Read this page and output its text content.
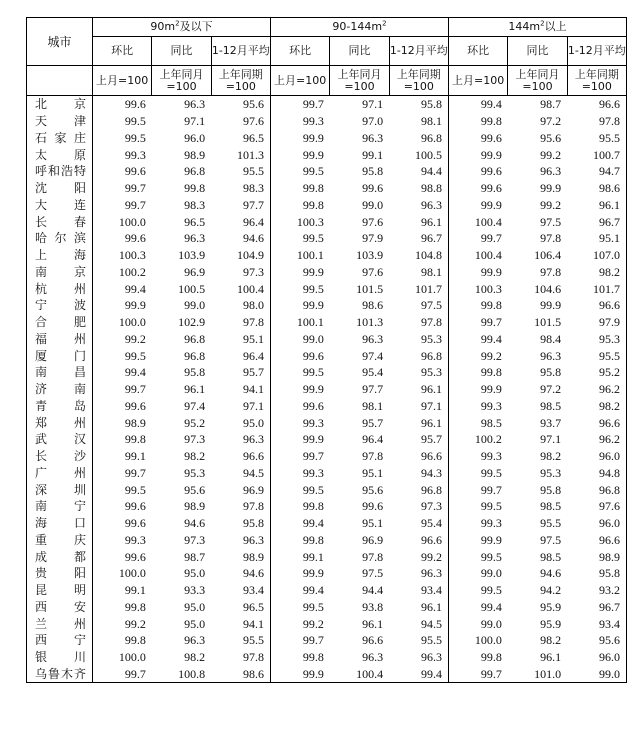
城市	$90m^2$及以下			$90-144m^2$			$144m^2$以上		
	环比	同比	1-12月平均	环比	同比	1-12月平均	环比	同比	1-12月平均
	上月=100	上年同月=100	上年同期=100	上月=100	上年同月=100	上年同期=100	上月=100	上年同月=100	上年同期=100
北京	99.6	96.3	95.6	99.7	97.1	95.8	99.4	98.7	96.6
天津	99.5	97.1	97.6	99.3	97.0	98.1	99.8	97.2	97.8
石家庄	99.5	96.0	96.5	99.9	96.3	96.8	99.6	95.6	95.5
太原	99.3	98.9	101.3	99.9	99.1	100.5	99.9	99.2	100.7
呼和浩特	99.6	96.8	95.5	99.5	95.8	94.4	99.6	96.3	94.7
沈阳	99.7	99.8	98.3	99.8	99.6	98.8	99.6	99.9	98.6
大连	99.7	98.3	97.7	99.8	99.0	96.3	99.9	99.2	96.1
长春	100.0	96.5	96.4	100.3	97.6	96.1	100.4	97.5	96.7
哈尔滨	99.6	96.3	94.6	99.5	97.9	96.7	99.7	97.8	95.1
上海	100.3	103.9	104.9	100.1	103.9	104.8	100.4	106.4	107.0
南京	100.2	96.9	97.3	99.9	97.6	98.1	99.9	97.8	98.2
杭州	99.4	100.5	100.4	99.5	101.5	101.7	100.3	104.6	101.7
宁波	99.9	99.0	98.0	99.9	98.6	97.5	99.8	99.9	96.6
合肥	100.0	102.9	97.8	100.1	101.3	97.8	99.7	101.5	97.9
福州	99.2	96.8	95.1	99.0	96.3	95.3	99.4	98.4	95.3
厦门	99.5	96.8	96.4	99.6	97.4	96.8	99.2	96.3	95.5
南昌	99.4	95.8	95.7	99.5	95.4	95.3	99.8	95.8	95.2
济南	99.7	96.1	94.1	99.9	97.7	96.1	99.9	97.2	96.2
青岛	99.6	97.4	97.1	99.6	98.1	97.1	99.3	98.5	98.2
郑州	98.9	95.2	95.0	99.3	95.7	96.1	98.5	93.7	96.6
武汉	99.8	97.3	96.3	99.9	96.4	95.7	100.2	97.1	96.2
长沙	99.1	98.2	96.6	99.7	97.8	96.6	99.3	98.2	96.0
广州	99.7	95.3	94.5	99.3	95.1	94.3	99.5	95.3	94.8
深圳	99.5	95.6	96.9	99.5	95.6	96.8	99.7	95.8	96.8
南宁	99.6	98.9	97.8	99.8	99.6	97.3	99.5	98.5	97.6
海口	99.6	94.6	95.8	99.4	95.1	95.4	99.3	95.5	96.0
重庆	99.3	97.3	96.3	99.8	96.9	96.6	99.9	97.5	96.6
成都	99.6	98.7	98.9	99.1	97.8	99.2	99.5	98.5	98.9
贵阳	100.0	95.0	94.6	99.9	97.5	96.3	99.0	94.6	95.8
昆明	99.1	93.3	93.4	99.4	94.4	93.4	99.5	94.2	93.2
西安	99.8	95.0	96.5	99.5	93.8	96.1	99.4	95.9	96.7
兰州	99.2	95.0	94.1	99.2	96.1	94.5	99.0	95.9	93.4
西宁	99.8	96.3	95.5	99.7	96.6	95.5	100.0	98.2	95.6
银川	100.0	98.2	97.8	99.8	96.3	96.3	99.8	96.1	96.0
乌鲁木齐	99.7	100.8	98.6	99.9	100.4	99.4	99.7	101.0	99.0
